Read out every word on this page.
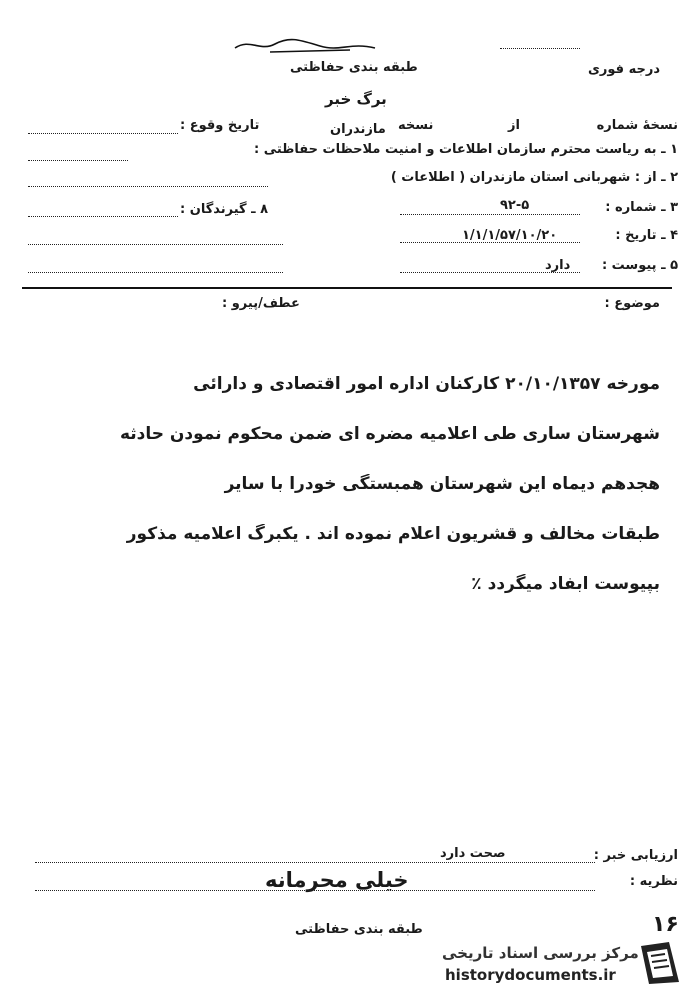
درجه فوری
طبقه بندی حفاظتی
برگ خبر
نسخهٔ شماره
از
نسخه
تاریخ وقوع :	مازندران
۱ ـ به ریاست محترم سازمان اطلاعات و امنیت ملاحظات حفاظتی :
۲ ـ از : شهربانی استان مازندران ( اطلاعات )
۳ ـ شماره :
۹۲-۵
۸ ـ گیرندگان :
۴ ـ تاریخ :
۱/۱/۱/۵۷/۱۰/۲۰
۵ ـ پیوست :
دارد
موضوع :
عطف/پیرو :
مورخه ۲۰/۱۰/۱۳۵۷ کارکنان اداره امور اقتصادی و دارائی
شهرستان ساری طی اعلامیه مضره ای ضمن محکوم نمودن حادثه
هجدهم دیماه این شهرستان همبستگی خودرا با سایر
طبقات مخالف و قشریون اعلام نموده اند . یکبرگ اعلامیه مذکور
بپیوست ابفاد میگردد ٪
ارزیابی خبر :
صحت دارد
نظریه :
خیلی محرمانه
طبقه بندی حفاظتی	۱۶
مرکز بررسی اسناد تاریخی
historydocuments.ir
